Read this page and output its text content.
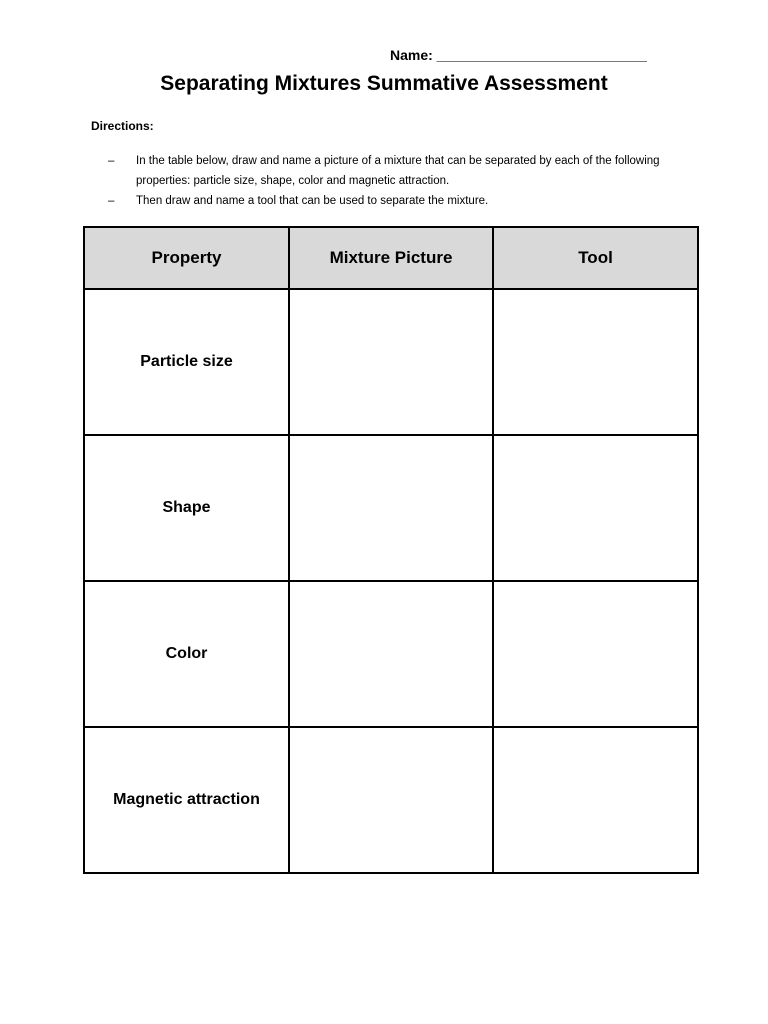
Name: ___________________________
Separating Mixtures Summative Assessment
Directions:
– In the table below, draw and name a picture of a mixture that can be separated by each of the following properties: particle size, shape, color and magnetic attraction.
– Then draw and name a tool that can be used to separate the mixture.
Property	Mixture Picture	Tool
Particle size		
Shape		
Color		
Magnetic attraction		
